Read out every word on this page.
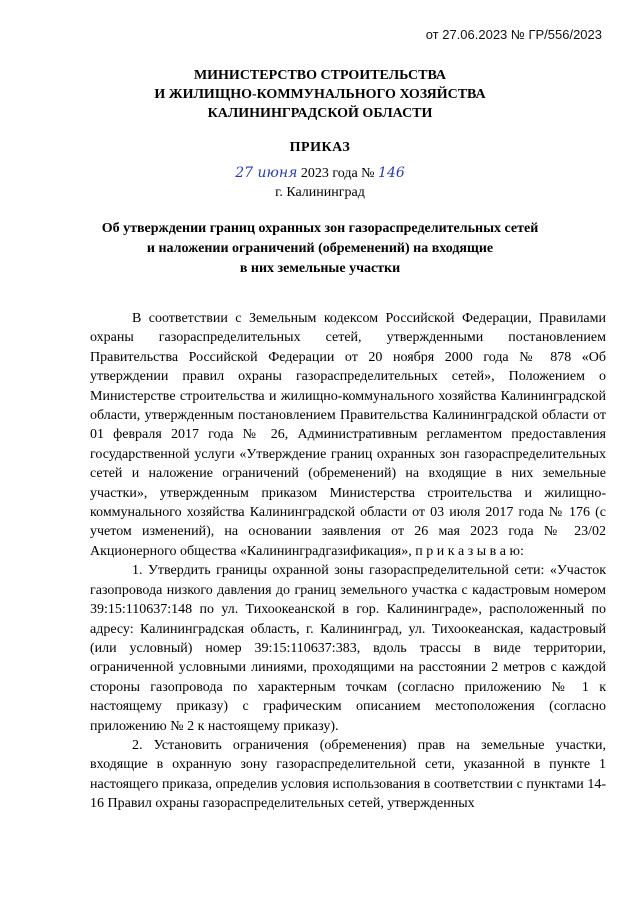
от 27.06.2023 № ГР/556/2023
МИНИСТЕРСТВО СТРОИТЕЛЬСТВА
И ЖИЛИЩНО-КОММУНАЛЬНОГО ХОЗЯЙСТВА
КАЛИНИНГРАДСКОЙ ОБЛАСТИ
ПРИКАЗ
27 июня 2023 года № 146
г. Калининград
Об утверждении границ охранных зон газораспределительных сетей
и наложении ограничений (обременений) на входящие
в них земельные участки

В соответствии с Земельным кодексом Российской Федерации, Правилами охраны газораспределительных сетей, утвержденными постановлением Правительства Российской Федерации от 20 ноября 2000 года № 878 «Об утверждении правил охраны газораспределительных сетей», Положением о Министерстве строительства и жилищно-коммунального хозяйства Калининградской области, утвержденным постановлением Правительства Калининградской области от 01 февраля 2017 года № 26, Административным регламентом предоставления государственной услуги «Утверждение границ охранных зон газораспределительных сетей и наложение ограничений (обременений) на входящие в них земельные участки», утвержденным приказом Министерства строительства и жилищно-коммунального хозяйства Калининградской области от 03 июля 2017 года № 176 (с учетом изменений), на основании заявления от 26 мая 2023 года № 23/02 Акционерного общества «Калининградгазификация», п р и к а з ы в а ю:

1. Утвердить границы охранной зоны газораспределительной сети: «Участок газопровода низкого давления до границ земельного участка с кадастровым номером 39:15:110637:148 по ул. Тихоокеанской в гор. Калининграде», расположенный по адресу: Калининградская область, г. Калининград, ул. Тихоокеанская, кадастровый (или условный) номер 39:15:110637:383, вдоль трассы в виде территории, ограниченной условными линиями, проходящими на расстоянии 2 метров с каждой стороны газопровода по характерным точкам (согласно приложению № 1 к настоящему приказу) с графическим описанием местоположения (согласно приложению № 2 к настоящему приказу).

2. Установить ограничения (обременения) прав на земельные участки, входящие в охранную зону газораспределительной сети, указанной в пункте 1 настоящего приказа, определив условия использования в соответствии с пунктами 14-16 Правил охраны газораспределительных сетей, утвержденных
